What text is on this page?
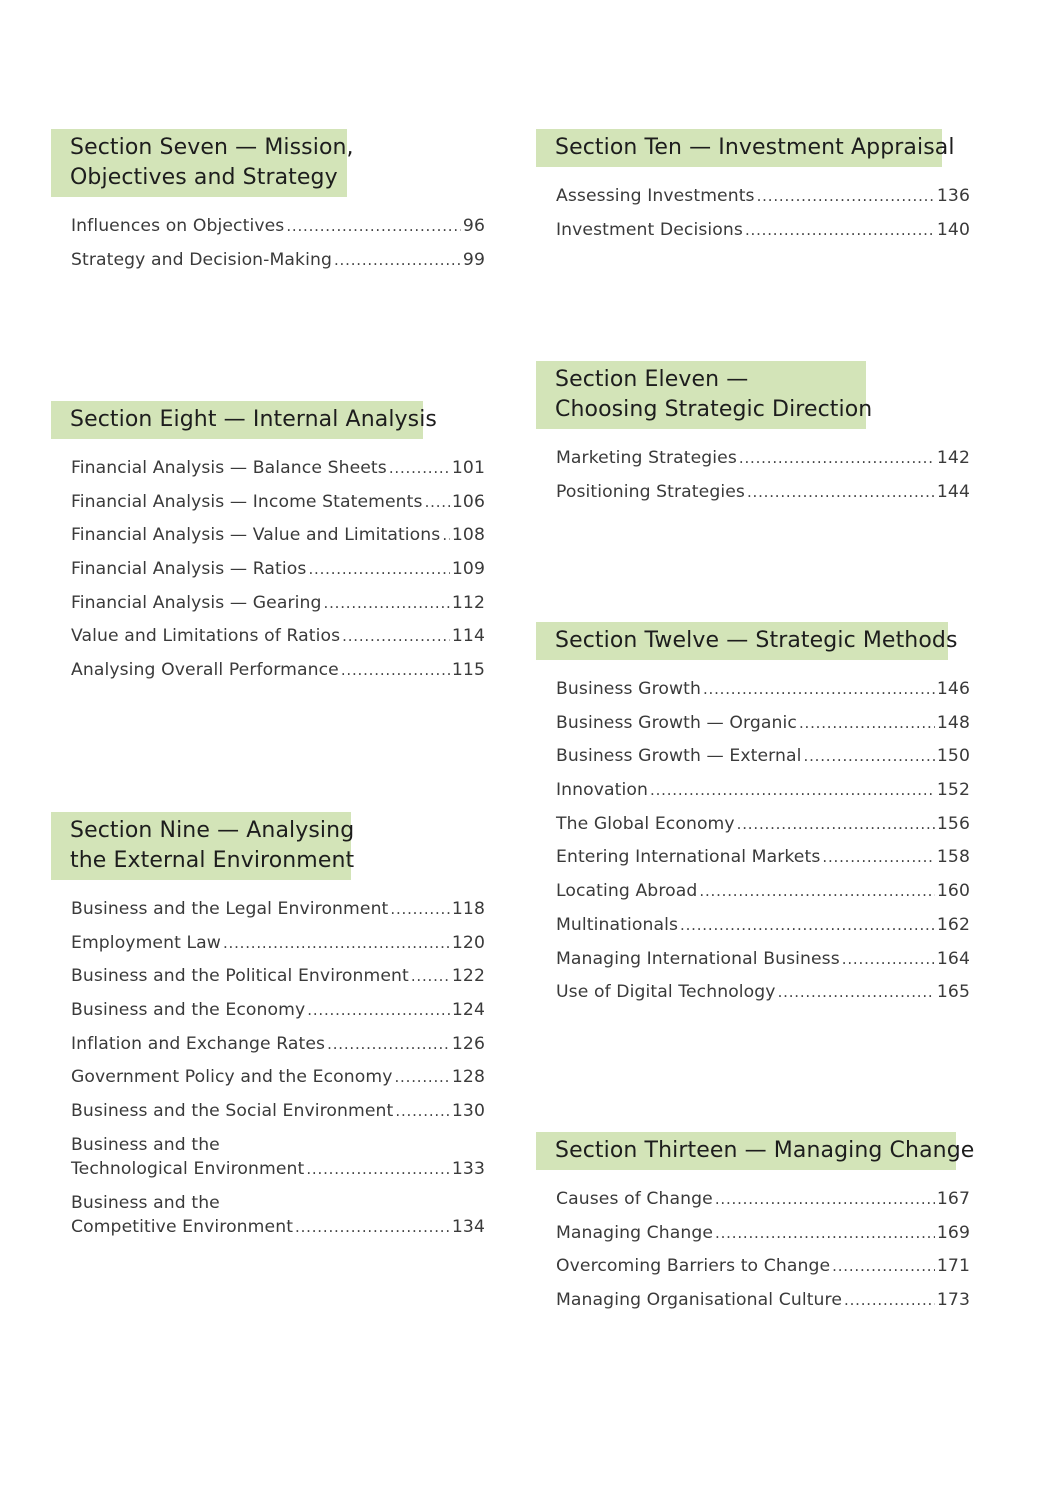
Section Seven — Mission,
Objectives and Strategy
Influences on Objectives .....	96
Strategy and Decision-Making .....	99
Section Eight — Internal Analysis
Financial Analysis — Balance Sheets .....	101
Financial Analysis — Income Statements ..... 106
Financial Analysis — Value and Limitations ..... 108
Financial Analysis — Ratios .....	109
Financial Analysis — Gearing .....	112
Value and Limitations of Ratios .....	114
Analysing Overall Performance .....	115
Section Nine — Analysing
the External Environment
Business and the Legal Environment .....	118
Employment Law .....	120
Business and the Political Environment .....	122
Business and the Economy .....	124
Inflation and Exchange Rates .....	126
Government Policy and the Economy .....	128
Business and the Social Environment .....	130
Business and the
Technological Environment .....	133
Business and the
Competitive Environment .....	134
Section Ten — Investment Appraisal
Assessing Investments .....	136
Investment Decisions .....	140
Section Eleven —
Choosing Strategic Direction
Marketing Strategies .....	142
Positioning Strategies .....	144
Section Twelve — Strategic Methods
Business Growth .....	146
Business Growth — Organic .....	148
Business Growth — External .....	150
Innovation .....	152
The Global Economy .....	156
Entering International Markets .....	158
Locating Abroad .....	160
Multinationals .....	162
Managing International Business .....	164
Use of Digital Technology .....	165
Section Thirteen — Managing Change
Causes of Change .....	167
Managing Change .....	169
Overcoming Barriers to Change .....	171
Managing Organisational Culture .....	173
